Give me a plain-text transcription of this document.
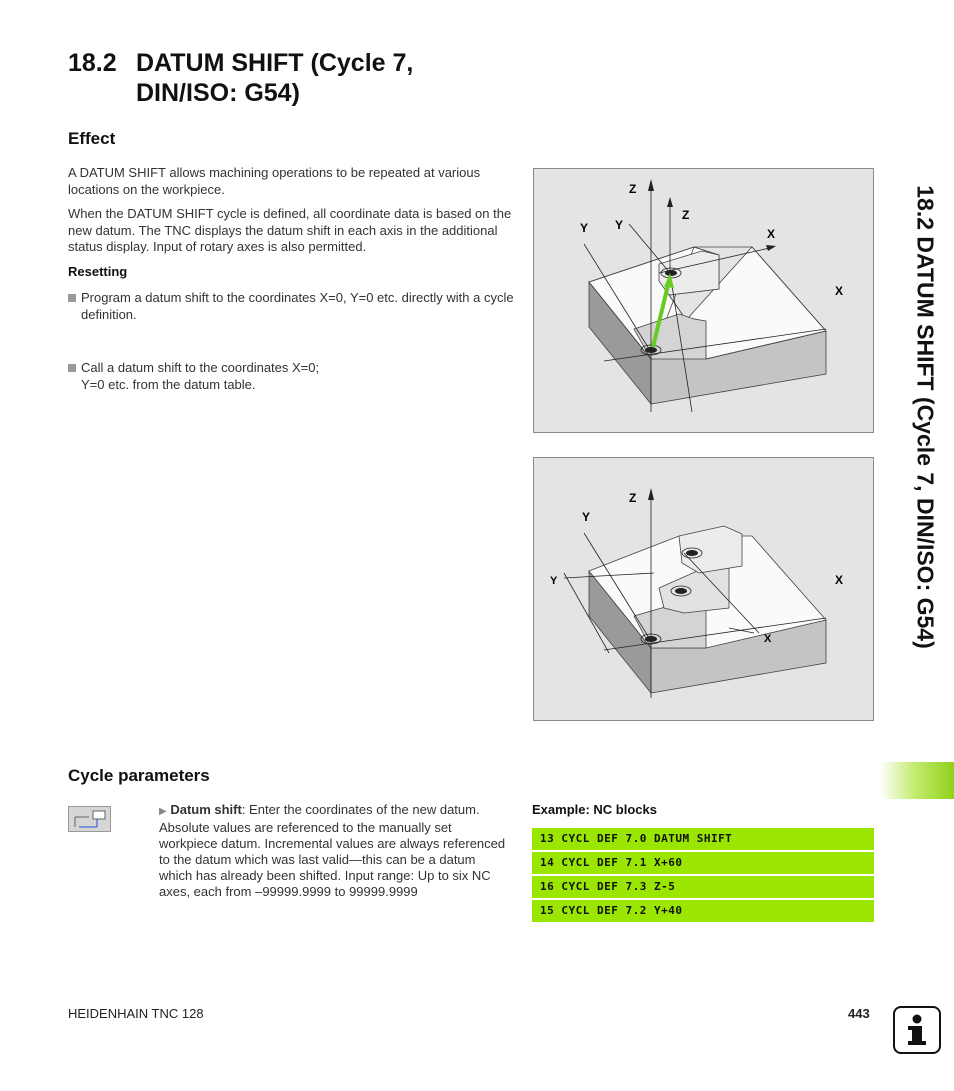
18.2 DATUM SHIFT (Cycle 7,
DIN/ISO: G54)
18.2 DATUM SHIFT (Cycle 7, DIN/ISO: G54)
Effect
A DATUM SHIFT allows machining operations to be repeated at various locations on the workpiece.
When the DATUM SHIFT cycle is defined, all coordinate data is based on the new datum. The TNC displays the datum shift in each axis in the additional status display. Input of rotary axes is also permitted.
Resetting
Program a datum shift to the coordinates X=0, Y=0 etc. directly with a cycle definition.
Call a datum shift to the coordinates X=0; Y=0 etc. from the datum table.
Z
Y Y
Z
X
X
Z
Y
Y	X
X
Cycle parameters
▶ Datum shift: Enter the coordinates of the new datum. Absolute values are referenced to the manually set workpiece datum. Incremental values are always referenced to the datum which was last valid—this can be a datum which has already been shifted. Input range: Up to six NC axes, each from –99999.9999 to 99999.9999
Example: NC blocks
13 CYCL DEF 7.0 DATUM SHIFT
14 CYCL DEF 7.1 X+60
16 CYCL DEF 7.3 Z-5
15 CYCL DEF 7.2 Y+40
HEIDENHAIN TNC 128	443
